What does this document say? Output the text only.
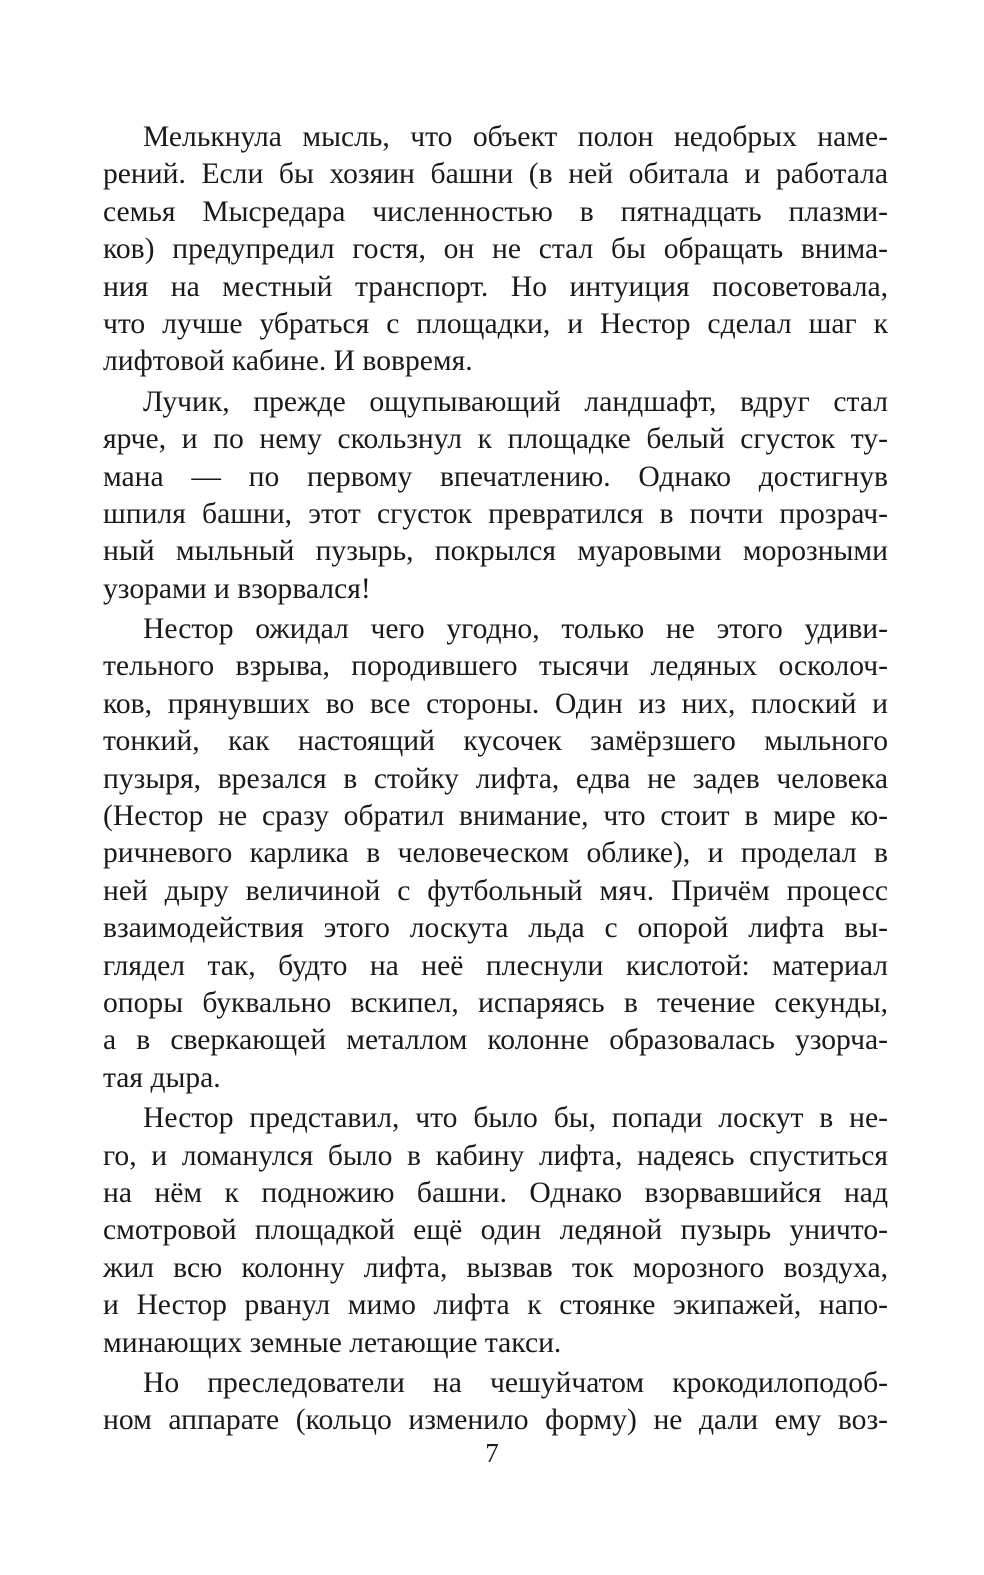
Мелькнула мысль, что объект полон недобрых наме-
рений. Если бы хозяин башни (в ней обитала и работала
семья Мысредара численностью в пятнадцать плазми-
ков) предупредил гостя, он не стал бы обращать внима-
ния на местный транспорт. Но интуиция посоветовала,
что лучше убраться с площадки, и Нестор сделал шаг к
лифтовой кабине. И вовремя.
Лучик, прежде ощупывающий ландшафт, вдруг стал
ярче, и по нему скользнул к площадке белый сгусток ту-
мана — по первому впечатлению. Однако достигнув
шпиля башни, этот сгусток превратился в почти прозрач-
ный мыльный пузырь, покрылся муаровыми морозными
узорами и взорвался!
Нестор ожидал чего угодно, только не этого удиви-
тельного взрыва, породившего тысячи ледяных осколоч-
ков, прянувших во все стороны. Один из них, плоский и
тонкий, как настоящий кусочек замёрзшего мыльного
пузыря, врезался в стойку лифта, едва не задев человека
(Нестор не сразу обратил внимание, что стоит в мире ко-
ричневого карлика в человеческом облике), и проделал в
ней дыру величиной с футбольный мяч. Причём процесс
взаимодействия этого лоскута льда с опорой лифта вы-
глядел так, будто на неё плеснули кислотой: материал
опоры буквально вскипел, испаряясь в течение секунды,
а в сверкающей металлом колонне образовалась узорча-
тая дыра.
Нестор представил, что было бы, попади лоскут в не-
го, и ломанулся было в кабину лифта, надеясь спуститься
на нём к подножию башни. Однако взорвавшийся над
смотровой площадкой ещё один ледяной пузырь уничто-
жил всю колонну лифта, вызвав ток морозного воздуха,
и Нестор рванул мимо лифта к стоянке экипажей, напо-
минающих земные летающие такси.
Но преследователи на чешуйчатом крокодилоподоб-
ном аппарате (кольцо изменило форму) не дали ему воз-
7
